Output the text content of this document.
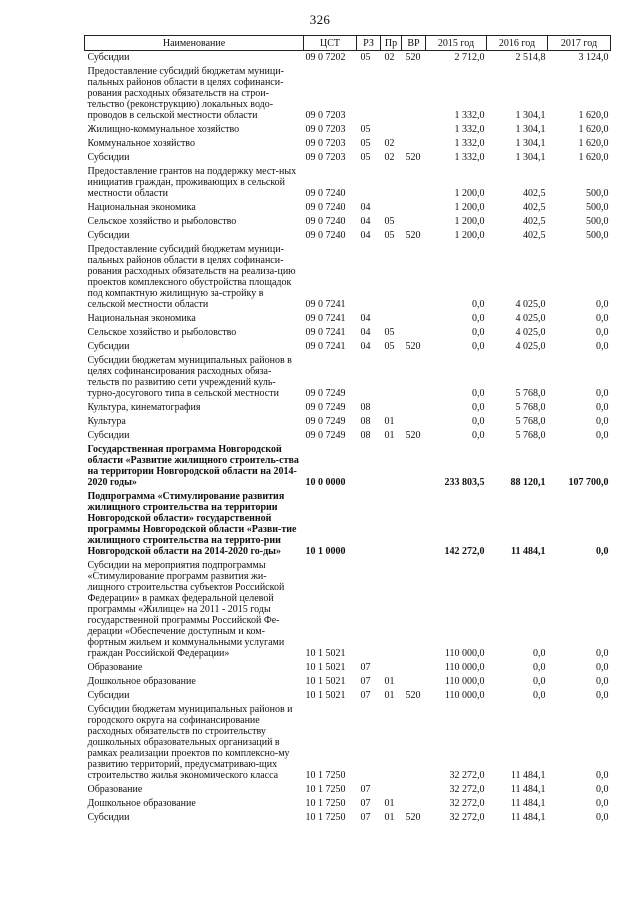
326
Наименование	ЦСТ	РЗ	Пр	ВР	2015 год	2016 год	2017 год
Субсидии	09 0 7202	05	02	520	2 712,0	2 514,8	3 124,0
Предоставление субсидий бюджетам муници-пальных районов области в целях софинанси-рования расходных обязательств на строи-тельство (реконструкцию) локальных водо-проводов в сельской местности области	09 0 7203				1 332,0	1 304,1	1 620,0
Жилищно-коммунальное хозяйство	09 0 7203	05			1 332,0	1 304,1	1 620,0
Коммунальное хозяйство	09 0 7203	05	02		1 332,0	1 304,1	1 620,0
Субсидии	09 0 7203	05	02	520	1 332,0	1 304,1	1 620,0
Предоставление грантов на поддержку мест-ных инициатив граждан, проживающих в сельской местности области	09 0 7240				1 200,0	402,5	500,0
Национальная экономика	09 0 7240	04			1 200,0	402,5	500,0
Сельское хозяйство и рыболовство	09 0 7240	04	05		1 200,0	402,5	500,0
Субсидии	09 0 7240	04	05	520	1 200,0	402,5	500,0
Предоставление субсидий бюджетам муници-пальных районов области в целях софинанси-рования расходных обязательств на реализа-цию проектов комплексного обустройства площадок под компактную жилищную за-стройку в сельской местности области	09 0 7241				0,0	4 025,0	0,0
Национальная экономика	09 0 7241	04			0,0	4 025,0	0,0
Сельское хозяйство и рыболовство	09 0 7241	04	05		0,0	4 025,0	0,0
Субсидии	09 0 7241	04	05	520	0,0	4 025,0	0,0
Субсидии бюджетам муниципальных районов в целях софинансирования расходных обяза-тельств по развитию сети учреждений куль-турно-досугового типа в сельской местности	09 0 7249				0,0	5 768,0	0,0
Культура, кинематография	09 0 7249	08			0,0	5 768,0	0,0
Культура	09 0 7249	08	01		0,0	5 768,0	0,0
Субсидии	09 0 7249	08	01	520	0,0	5 768,0	0,0
Государственная программа Новгородской области «Развитие жилищного строитель-ства на территории Новгородской области на 2014-2020 годы»	10 0 0000				233 803,5	88 120,1	107 700,0
Подпрограмма «Стимулирование развития жилищного строительства на территории Новгородской области» государственной программы Новгородской области «Разви-тие жилищного строительства на террито-рии Новгородской области на 2014-2020 го-ды»	10 1 0000				142 272,0	11 484,1	0,0
Субсидии на мероприятия подпрограммы «Стимулирование программ развития жи-лищного строительства субъектов Российской Федерации» в рамках федеральной целевой программы «Жилище» на 2011 - 2015 годы государственной программы Российской Фе-дерации «Обеспечение доступным и ком-фортным жильем и коммунальными услугами граждан Российской Федерации»	10 1 5021				110 000,0	0,0	0,0
Образование	10 1 5021	07			110 000,0	0,0	0,0
Дошкольное образование	10 1 5021	07	01		110 000,0	0,0	0,0
Субсидии	10 1 5021	07	01	520	110 000,0	0,0	0,0
Субсидии бюджетам муниципальных районов и городского округа на софинансирование расходных обязательств по строительству дошкольных образовательных организаций в рамках реализации проектов по комплексно-му развитию территорий, предусматриваю-щих строительство жилья экономического класса	10 1 7250				32 272,0	11 484,1	0,0
Образование	10 1 7250	07			32 272,0	11 484,1	0,0
Дошкольное образование	10 1 7250	07	01		32 272,0	11 484,1	0,0
Субсидии	10 1 7250	07	01	520	32 272,0	11 484,1	0,0
